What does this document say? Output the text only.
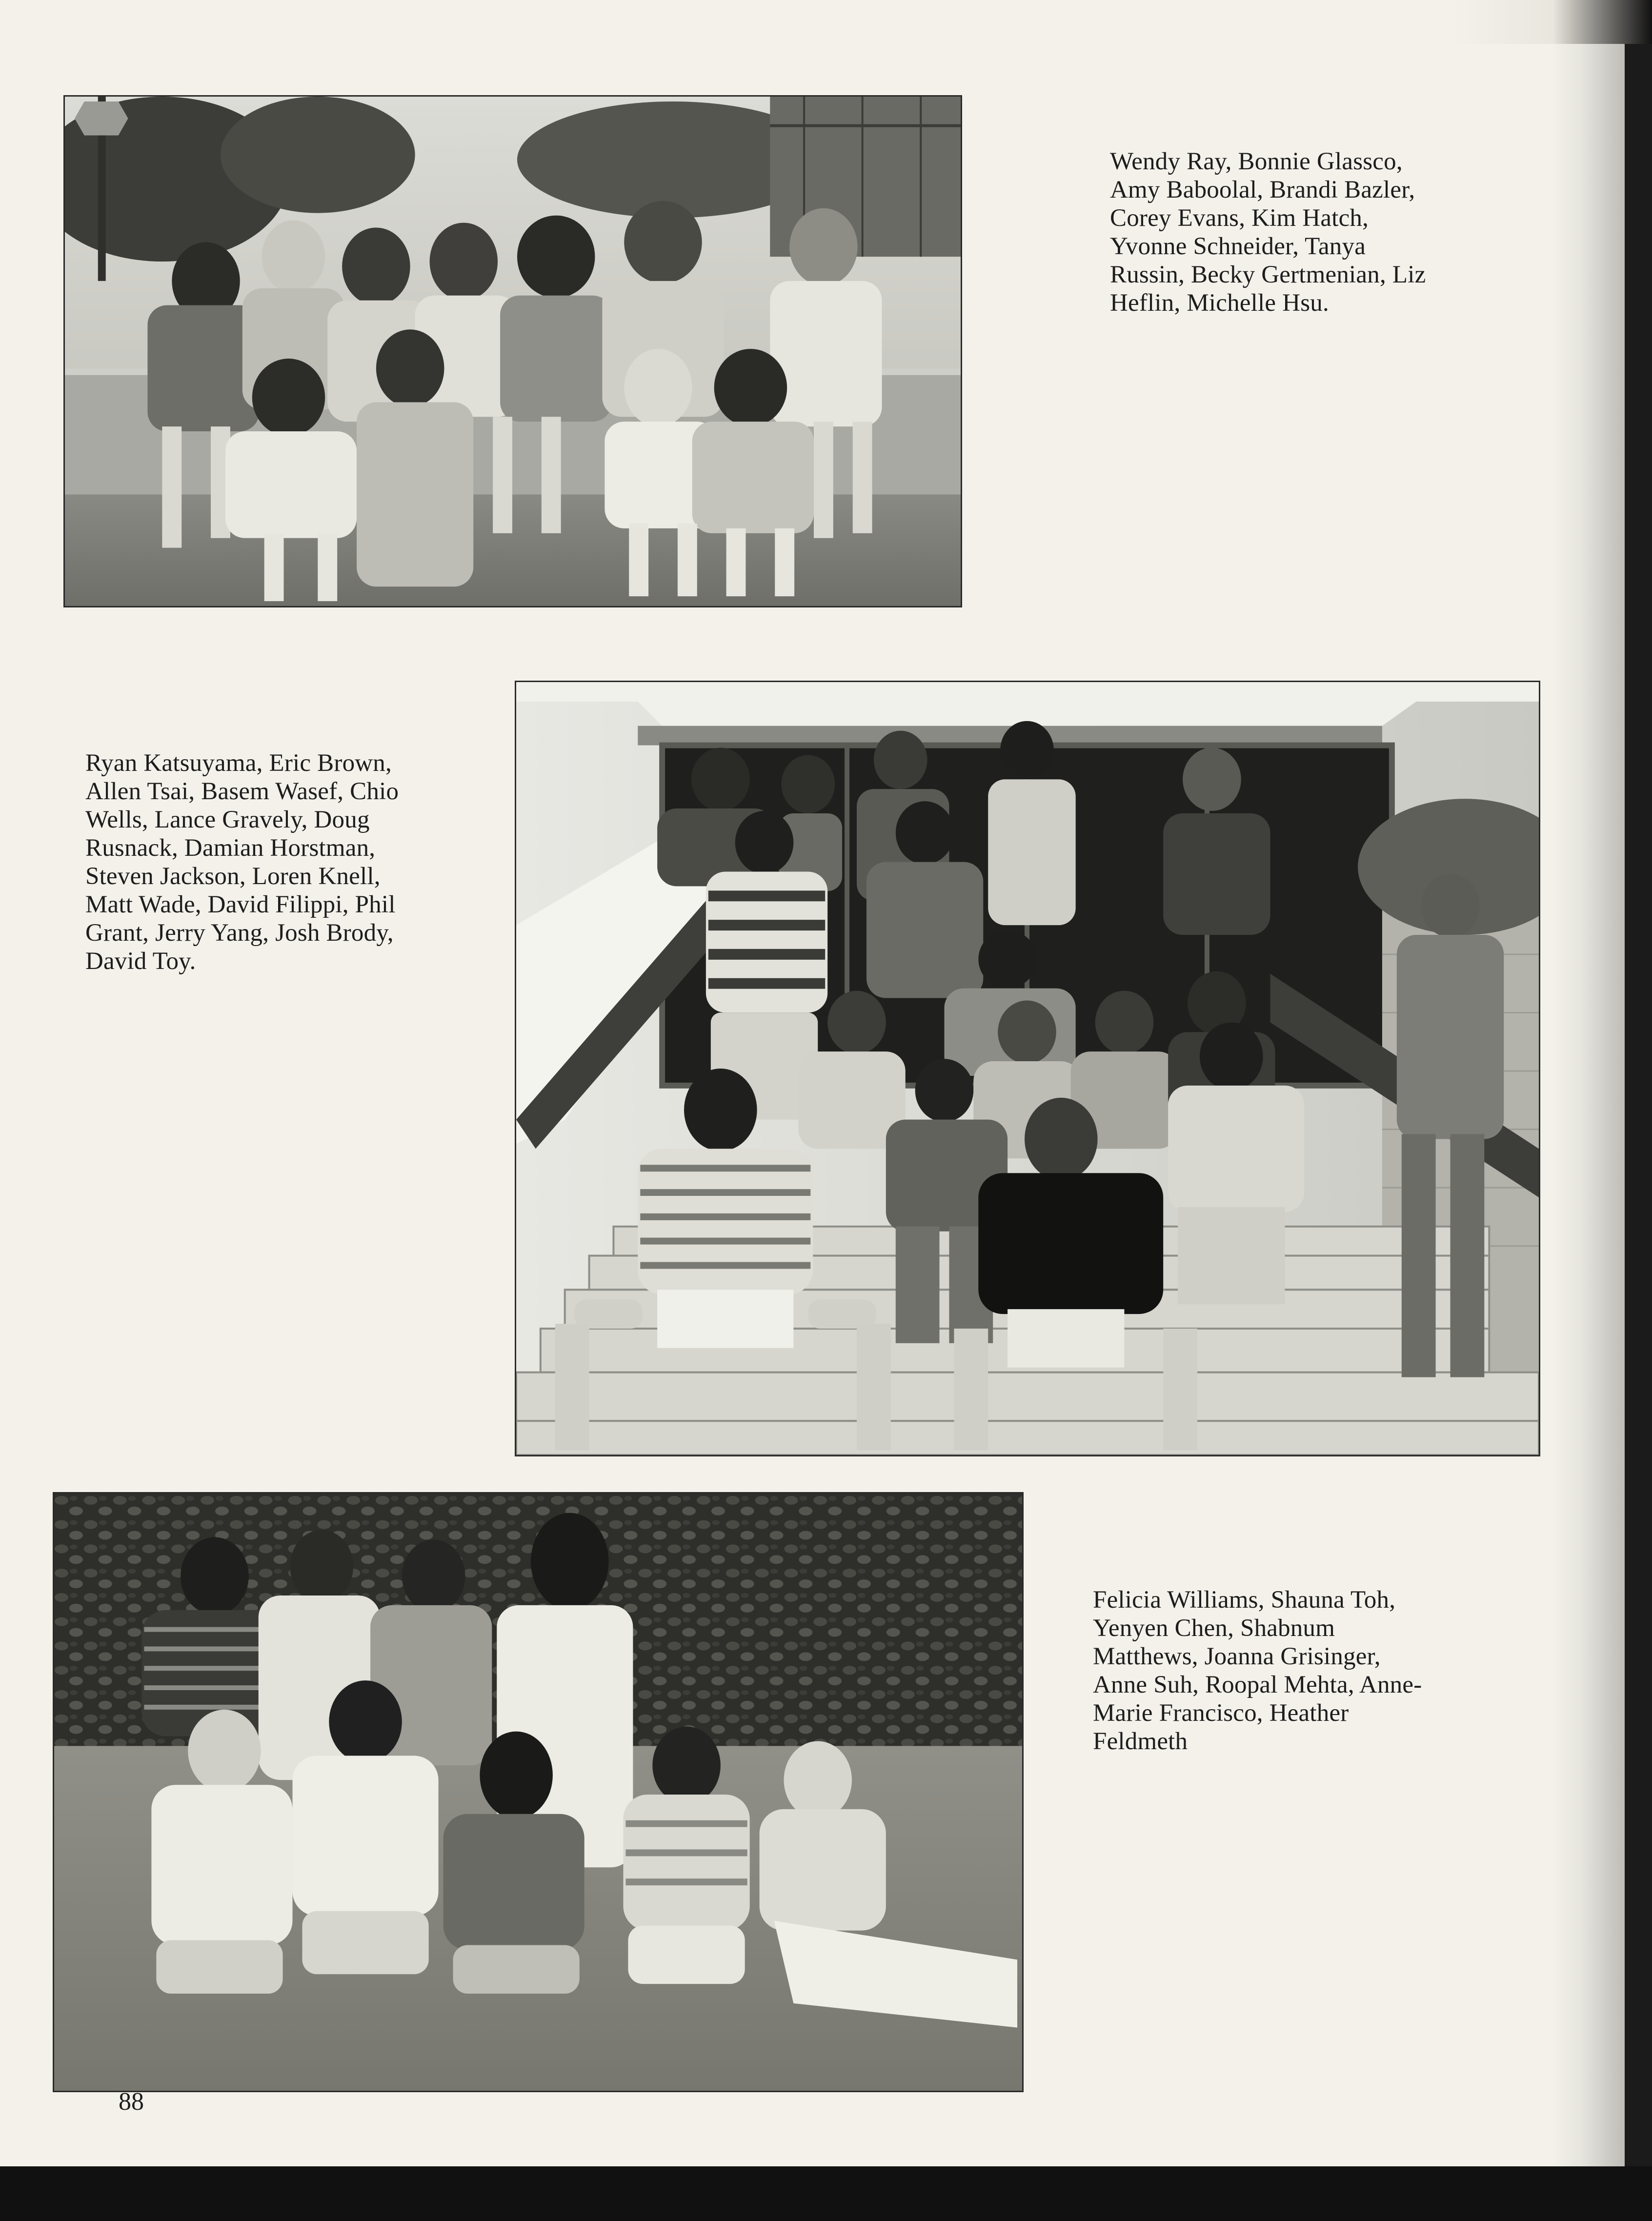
Wendy Ray, Bonnie Glassco,
Amy Baboolal, Brandi Bazler,
Corey Evans, Kim Hatch,
Yvonne Schneider, Tanya
Russin, Becky Gertmenian, Liz
Heflin, Michelle Hsu.
Ryan Katsuyama, Eric Brown,
Allen Tsai, Basem Wasef, Chio
Wells, Lance Gravely, Doug
Rusnack, Damian Horstman,
Steven Jackson, Loren Knell,
Matt Wade, David Filippi, Phil
Grant, Jerry Yang, Josh Brody,
David Toy.
Felicia Williams, Shauna Toh,
Yenyen Chen, Shabnum
Matthews, Joanna Grisinger,
Anne Suh, Roopal Mehta, Anne-
Marie Francisco, Heather
Feldmeth
88
